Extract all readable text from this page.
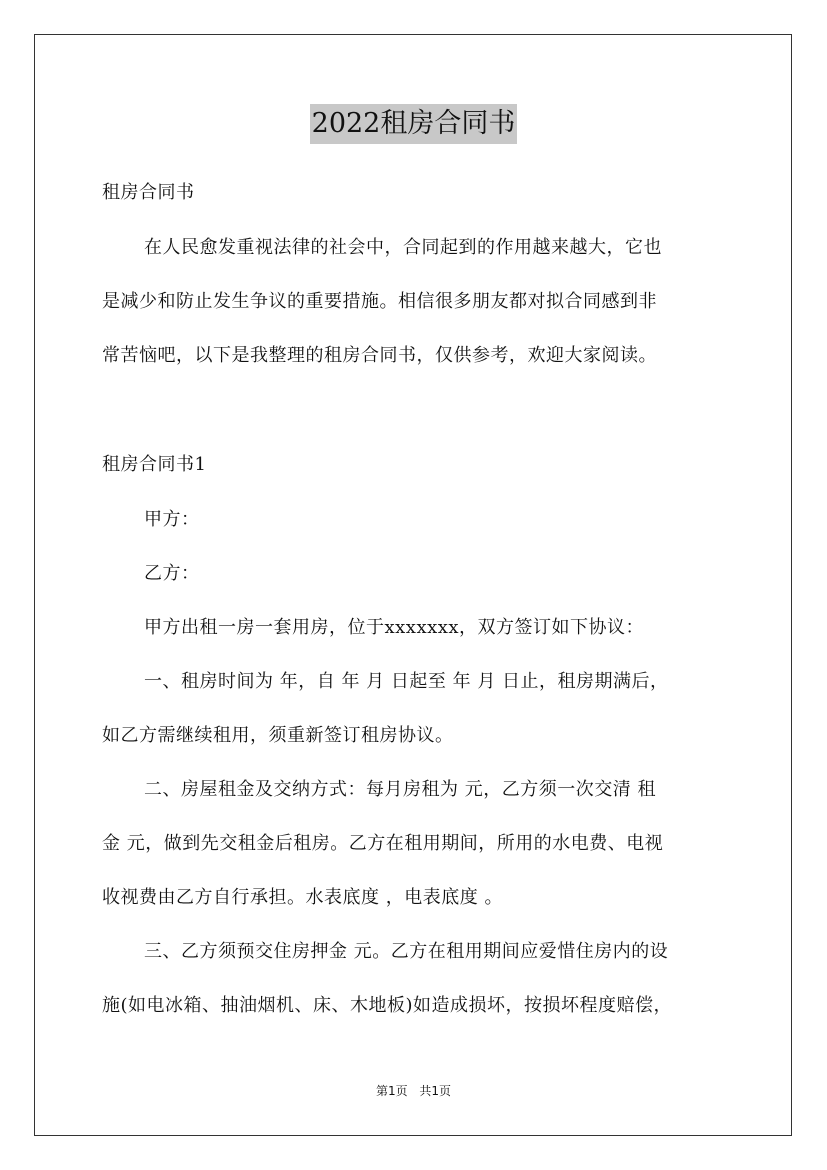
2022租房合同书
租房合同书
在人民愈发重视法律的社会中，合同起到的作用越来越大，它也
是减少和防止发生争议的重要措施。相信很多朋友都对拟合同感到非
常苦恼吧，以下是我整理的租房合同书，仅供参考，欢迎大家阅读。
租房合同书1
甲方：
乙方：
甲方出租一房一套用房，位于xxxxxxx，双方签订如下协议：
一、租房时间为 年，自 年 月 日起至 年 月 日止，租房期满后，
如乙方需继续租用，须重新签订租房协议。
二、房屋租金及交纳方式：每月房租为 元，乙方须一次交清 租
金 元，做到先交租金后租房。乙方在租用期间，所用的水电费、电视
收视费由乙方自行承担。水表底度 ，电表底度 。
三、乙方须预交住房押金 元。乙方在租用期间应爱惜住房内的设
施(如电冰箱、抽油烟机、床、木地板)如造成损坏，按损坏程度赔偿，
第1页 共1页
